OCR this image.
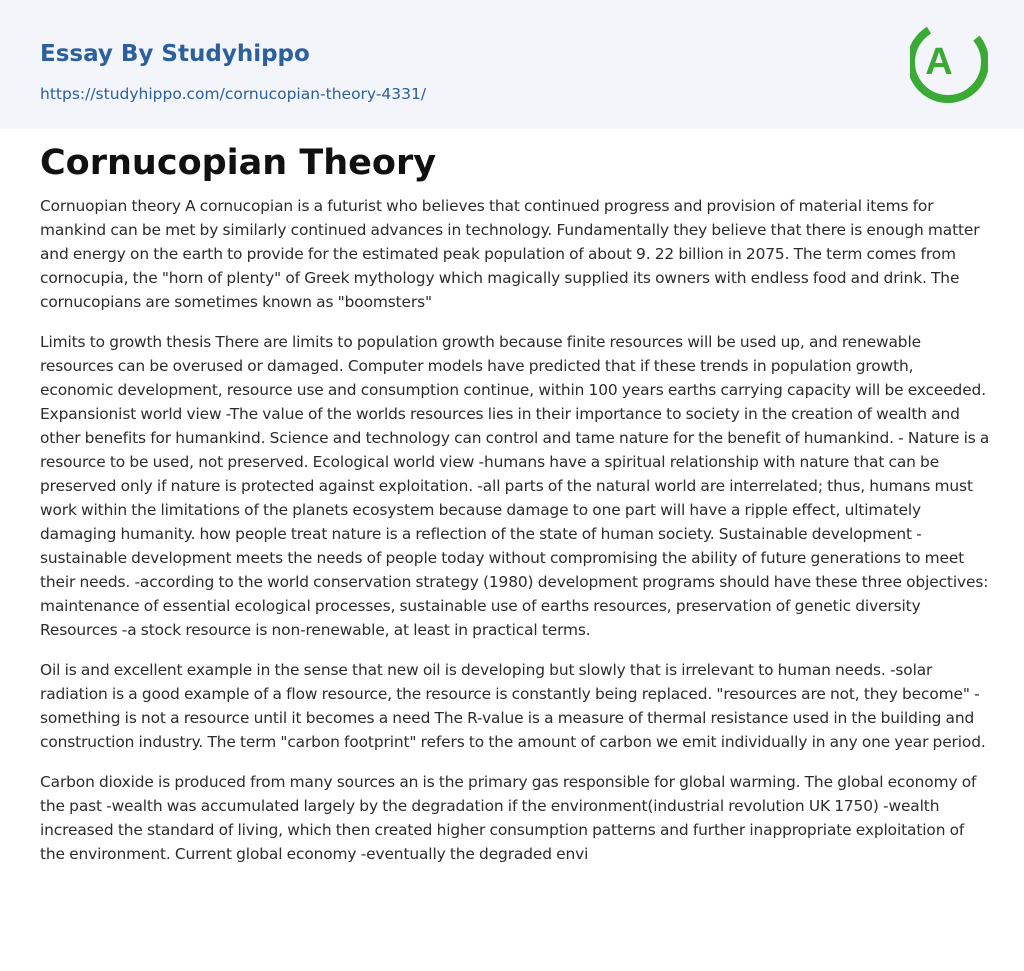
Essay By Studyhippo
https://studyhippo.com/cornucopian-theory-4331/
A
Cornucopian Theory

Cornuopian theory A cornucopian is a futurist who believes that continued progress and provision of material items for mankind can be met by similarly continued advances in technology. Fundamentally they believe that there is enough matter and energy on the earth to provide for the estimated peak population of about 9. 22 billion in 2075. The term comes from cornocupia, the "horn of plenty" of Greek mythology which magically supplied its owners with endless food and drink. The cornucopians are sometimes known as "boomsters"

Limits to growth thesis There are limits to population growth because finite resources will be used up, and renewable resources can be overused or damaged. Computer models have predicted that if these trends in population growth, economic development, resource use and consumption continue, within 100 years earths carrying capacity will be exceeded. Expansionist world view -The value of the worlds resources lies in their importance to society in the creation of wealth and other benefits for humankind. Science and technology can control and tame nature for the benefit of humankind. - Nature is a resource to be used, not preserved. Ecological world view -humans have a spiritual relationship with nature that can be preserved only if nature is protected against exploitation. -all parts of the natural world are interrelated; thus, humans must work within the limitations of the planets ecosystem because damage to one part will have a ripple effect, ultimately damaging humanity. how people treat nature is a reflection of the state of human society. Sustainable development -sustainable development meets the needs of people today without compromising the ability of future generations to meet their needs. -according to the world conservation strategy (1980) development programs should have these three objectives: maintenance of essential ecological processes, sustainable use of earths resources, preservation of genetic diversity Resources -a stock resource is non-renewable, at least in practical terms.

Oil is and excellent example in the sense that new oil is developing but slowly that is irrelevant to human needs. -solar radiation is a good example of a flow resource, the resource is constantly being replaced. "resources are not, they become" -something is not a resource until it becomes a need The R-value is a measure of thermal resistance used in the building and construction industry. The term "carbon footprint" refers to the amount of carbon we emit individually in any one year period.

Carbon dioxide is produced from many sources an is the primary gas responsible for global warming. The global economy of the past -wealth was accumulated largely by the degradation if the environment(industrial revolution UK 1750) -wealth increased the standard of living, which then created higher consumption patterns and further inappropriate exploitation of the environment. Current global economy -eventually the degraded envi
